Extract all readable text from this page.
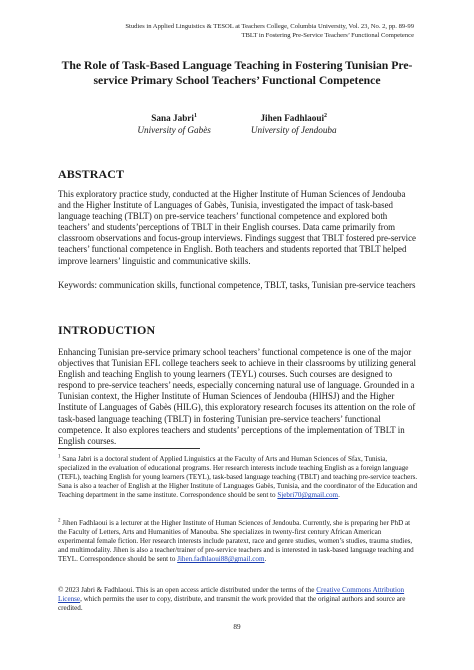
Studies in Applied Linguistics & TESOL at Teachers College, Columbia University, Vol. 23, No. 2, pp. 89-99
TBLT in Fostering Pre-Service Teachers’ Functional Competence
The Role of Task-Based Language Teaching in Fostering Tunisian Pre-service Primary School Teachers’ Functional Competence
Sana Jabri$^1$
University of Gabès
Jihen Fadhlaoui$^2$
University of Jendouba
ABSTRACT
This exploratory practice study, conducted at the Higher Institute of Human Sciences of Jendouba and the Higher Institute of Languages of Gabès, Tunisia, investigated the impact of task-based language teaching (TBLT) on pre-service teachers’ functional competence and explored both teachers’ and students’perceptions of TBLT in their English courses. Data came primarily from classroom observations and focus-group interviews. Findings suggest that TBLT fostered pre-service teachers’ functional competence in English. Both teachers and students reported that TBLT helped improve learners’ linguistic and communicative skills.
Keywords: communication skills, functional competence, TBLT, tasks, Tunisian pre-service teachers
INTRODUCTION
Enhancing Tunisian pre-service primary school teachers’ functional competence is one of the major objectives that Tunisian EFL college teachers seek to achieve in their classrooms by utilizing general English and teaching English to young learners (TEYL) courses. Such courses are designed to respond to pre-service teachers’ needs, especially concerning natural use of language. Grounded in a Tunisian context, the Higher Institute of Human Sciences of Jendouba (HIHSJ) and the Higher Institute of Languages of Gabès (HILG), this exploratory research focuses its attention on the role of task-based language teaching (TBLT) in fostering Tunisian pre-service teachers’ functional competence. It also explores teachers and students’ perceptions of the implementation of TBLT in English courses.
$^1$ Sana Jabri is a doctoral student of Applied Linguistics at the Faculty of Arts and Human Sciences of Sfax, Tunisia, specialized in the evaluation of educational programs. Her research interests include teaching English as a foreign language (TEFL), teaching English for young learners (TEYL), task-based language teaching (TBLT) and teaching pre-service teachers. Sana is also a teacher of English at the Higher Institute of Languages Gabès, Tunisia, and the coordinator of the Education and Teaching department in the same institute. Correspondence should be sent to Sjebri70@gmail.com.
$^2$ Jihen Fadhlaoui is a lecturer at the Higher Institute of Human Sciences of Jendouba. Currently, she is preparing her PhD at the Faculty of Letters, Arts and Humanities of Manouba. She specializes in twenty-first century African American experimental female fiction. Her research interests include paratext, race and genre studies, women’s studies, trauma studies, and multimodality. Jihen is also a teacher/trainer of pre-service teachers and is interested in task-based language teaching and TEYL. Correspondence should be sent to Jihen.fadhlaoui88@gmail.com.
© 2023 Jabri & Fadhlaoui. This is an open access article distributed under the terms of the Creative Commons Attribution License, which permits the user to copy, distribute, and transmit the work provided that the original authors and source are credited.
89
